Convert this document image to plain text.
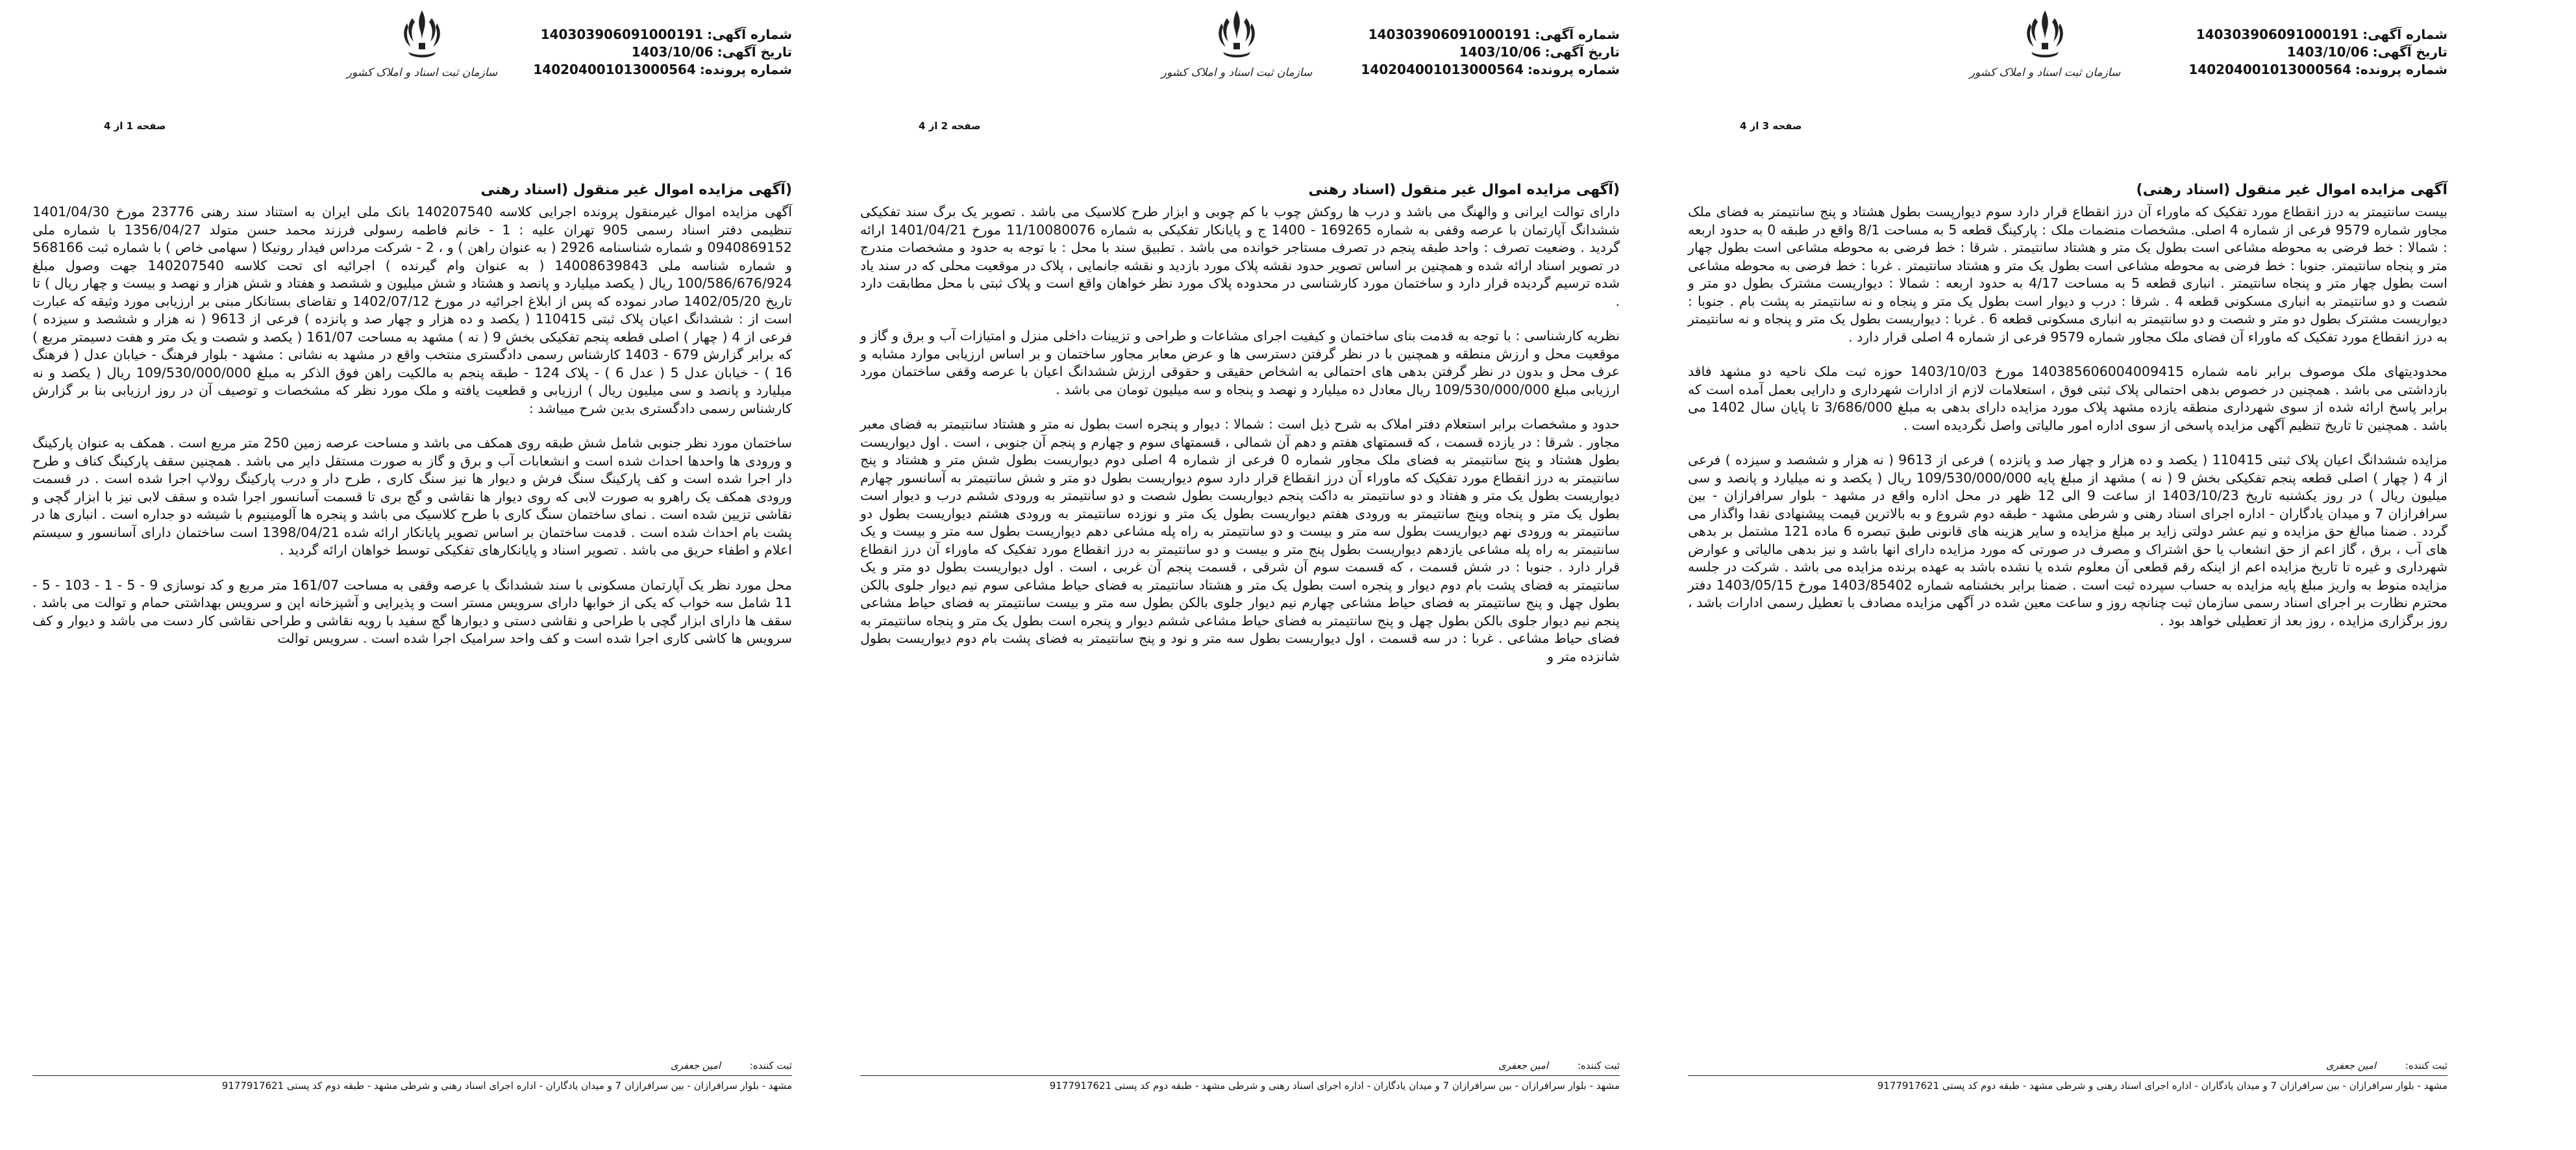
سازمان ثبت اسناد و املاک کشور
صفحه 3 از 4
شماره آگهی:140303906091000191
تاریخ آگهی:1403/10/06
شماره پرونده:140204001013000564
آگهی مزایده اموال غیر منقول (اسناد رهنی)

بیست سانتیمتر به درز انقطاع مورد تفکیک که ماوراء آن درز انقطاع قرار دارد سوم دیوارپست بطول هشتاد و پنج سانتیمتر به فضای ملک مجاور شماره 9579 فرعی از شماره 4 اصلی. مشخصات منضمات ملک : پارکینگ قطعه 5 به مساحت 8/1 واقع در طبقه 0 به حدود اربعه : شمالا : خط فرضی به محوطه مشاعی است بطول یک متر و هشتاد سانتیمتر . شرقا : خط فرضی به محوطه مشاعی است بطول چهار متر و پنجاه سانتیمتر. جنوبا : خط فرضی به محوطه مشاعی است بطول یک متر و هشتاد سانتیمتر . غربا : خط فرضی به محوطه مشاعی است بطول چهار متر و پنجاه سانتیمتر . انباری قطعه 5 به مساحت 4/17 به حدود اربعه : شمالا : دیواریست مشترک بطول دو متر و شصت و دو سانتیمتر به انباری مسکونی قطعه 4 . شرقا : درب و دیوار است بطول یک متر و پنجاه و نه سانتیمتر به پشت بام . جنوبا : دیواریست مشترک بطول دو متر و شصت و دو سانتیمتر به انباری مسکونی قطعه 6 . غربا : دیواریست بطول یک متر و پنجاه و نه سانتیمتر به درز انقطاع مورد تفکیک که ماوراء آن فضای ملک مجاور شماره 9579 فرعی از شماره 4 اصلی قرار دارد .

محدودیتهای ملک موصوف برابر نامه شماره 140385606004009415 مورخ 1403/10/03 حوزه ثبت ملک ناحیه دو مشهد فاقد بازداشتی می باشد . همچنین در خصوص بدهی احتمالی پلاک ثبتی فوق ، استعلامات لازم از ادارات شهرداری و دارایی بعمل آمده است که برابر پاسخ ارائه شده از سوی شهرداری منطقه یازده مشهد پلاک مورد مزایده دارای بدهی به مبلغ 3/686/000 تا پایان سال 1402 می باشد . همچنین تا تاریخ تنظیم آگهی مزایده پاسخی از سوی اداره امور مالیاتی واصل نگردیده است .

مزایده ششدانگ اعیان پلاک ثبتی 110415 ( یکصد و ده هزار و چهار صد و پانزده ) فرعی از 9613 ( نه هزار و ششصد و سیزده ) فرعی از 4 ( چهار ) اصلی قطعه پنجم تفکیکی بخش 9 ( نه ) مشهد از مبلغ پایه 109/530/000/000 ریال ( یکصد و نه میلیارد و پانصد و سی میلیون ریال ) در روز یکشنبه تاریخ 1403/10/23 از ساعت 9 الی 12 ظهر در محل اداره واقع در مشهد - بلوار سرافرازان - بین سرافرازان 7 و میدان یادگاران - اداره اجرای اسناد رهنی و شرطی مشهد - طبقه دوم شروع و به بالاترین قیمت پیشنهادی نقدا واگذار می گردد . ضمنا مبالغ حق مزایده و نیم عشر دولتی زاید بر مبلغ مزایده و سایر هزینه های قانونی طبق تبصره 6 ماده 121 مشتمل بر بدهی های آب ، برق ، گاز اعم از حق انشعاب یا حق اشتراک و مصرف در صورتی که مورد مزایده دارای انها باشد و نیز بدهی مالیاتی و عوارض شهرداری و غیره تا تاریخ مزایده اعم از اینکه رقم قطعی آن معلوم شده یا نشده باشد به عهده برنده مزایده می باشد . شرکت در جلسه مزایده منوط به واریز مبلغ پایه مزایده به حساب سپرده ثبت است . ضمنا برابر بخشنامه شماره 1403/85402 مورخ 1403/05/15 دفتر محترم نظارت بر اجرای اسناد رسمی سازمان ثبت چنانچه روز و ساعت معین شده در آگهی مزایده مصادف با تعطیل رسمی ادارات باشد ، روز برگزاری مزایده ، روز بعد از تعطیلی خواهد بود .

ثبت کننده: امین جعفری
مشهد - بلوار سرافرازان - بین سرافرازان 7 و میدان یادگاران - اداره اجرای اسناد رهنی و شرطی مشهد - طبقه دوم کد پستی 9177917621
سازمان ثبت اسناد و املاک کشور
صفحه 2 از 4
شماره آگهی:140303906091000191
تاریخ آگهی:1403/10/06
شماره پرونده:140204001013000564
(آگهی مزایده اموال غیر منقول (اسناد رهنی

دارای توالت ایرانی و والهنگ می باشد و درب ها روکش چوب با کم چوبی و ابزار طرح کلاسیک می باشد . تصویر یک برگ سند تفکیکی ششدانگ آپارتمان با عرصه وقفی به شماره 169265 - 1400 ج و پایانکار تفکیکی به شماره 11/10080076 مورخ 1401/04/21 ارائه گردید . وضعیت تصرف : واحد طبقه پنجم در تصرف مستاجر خوانده می باشد . تطبیق سند با محل : با توجه به حدود و مشخصات مندرج در تصویر اسناد ارائه شده و همچنین بر اساس تصویر حدود نقشه پلاک مورد بازدید و نقشه جانمایی ، پلاک در موقعیت محلی که در سند یاد شده ترسیم گردیده قرار دارد و ساختمان مورد کارشناسی در محدوده پلاک مورد نظر خواهان واقع است و پلاک ثبتی با محل مطابقت دارد .

نظریه کارشناسی : با توجه به قدمت بنای ساختمان و کیفیت اجرای مشاعات و طراحی و تزیینات داخلی منزل و امتیازات آب و برق و گاز و موقعیت محل و ارزش منطقه و همچنین با در نظر گرفتن دسترسی ها و عرض معابر مجاور ساختمان و بر اساس ارزیابی موارد مشابه و عرف محل و بدون در نظر گرفتن بدهی های احتمالی به اشخاص حقیقی و حقوقی ارزش ششدانگ اعیان با عرصه وقفی ساختمان مورد ارزیابی مبلغ 109/530/000/000 ریال معادل ده میلیارد و نهصد و پنجاه و سه میلیون تومان می باشد .

حدود و مشخصات برابر استعلام دفتر املاک به شرح ذیل است : شمالا : دیوار و پنجره است بطول نه متر و هشتاد سانتیمتر به فضای معبر مجاور . شرقا : در یازده قسمت ، که قسمتهای هفتم و دهم آن شمالی ، قسمتهای سوم و چهارم و پنجم آن جنوبی ، است . اول دیواریست بطول هشتاد و پنج سانتیمتر به فضای ملک مجاور شماره 0 فرعی از شماره 4 اصلی دوم دیواریست بطول شش متر و هشتاد و پنج سانتیمتر به درز انقطاع مورد تفکیک که ماوراء آن درز انقطاع قرار دارد سوم دیواریست بطول دو متر و شش سانتیمتر به آسانسور چهارم دیواریست بطول یک متر و هفتاد و دو سانتیمتر به داکت پنجم دیواریست بطول شصت و دو سانتیمتر به ورودی ششم درب و دیوار است بطول یک متر و پنجاه وپنج سانتیمتر به ورودی هفتم دیواریست بطول یک متر و نوزده سانتیمتر به ورودی هشتم دیواریست بطول دو سانتیمتر به ورودی نهم دیواریست بطول سه متر و بیست و دو سانتیمتر به راه پله مشاعی دهم دیواریست بطول سه متر و بیست و یک سانتیمتر به راه پله مشاعی یازدهم دیواریست بطول پنج متر و بیست و دو سانتیمتر به درز انقطاع مورد تفکیک که ماوراء آن درز انقطاع قرار دارد . جنوبا : در شش قسمت ، که قسمت سوم آن شرقی ، قسمت پنجم آن غربی ، است . اول دیواریست بطول دو متر و یک سانتیمتر به فضای پشت بام دوم دیوار و پنجره است بطول یک متر و هشتاد سانتیمتر به فضای حیاط مشاعی سوم نیم دیوار جلوی بالکن بطول چهل و پنج سانتیمتر به فضای حیاط مشاعی چهارم نیم دیوار جلوی بالکن بطول سه متر و بیست سانتیمتر به فضای حیاط مشاعی پنجم نیم دیوار جلوی بالکن بطول چهل و پنج سانتیمتر به فضای حیاط مشاعی ششم دیوار و پنجره است بطول یک متر و پنجاه سانتیمتر به فضای حیاط مشاعی . غربا : در سه قسمت ، اول دیواریست بطول سه متر و نود و پنج سانتیمتر به فضای پشت بام دوم دیواریست بطول شانزده متر و

ثبت کننده: امین جعفری
مشهد - بلوار سرافرازان - بین سرافرازان 7 و میدان یادگاران - اداره اجرای اسناد رهنی و شرطی مشهد - طبقه دوم کد پستی 9177917621
سازمان ثبت اسناد و املاک کشور
صفحه 1 از 4
شماره آگهی:140303906091000191
تاریخ آگهی:1403/10/06
شماره پرونده:140204001013000564
(آگهی مزایده اموال غیر منقول (اسناد رهنی

آگهی مزایده اموال غیرمنقول پرونده اجرایی کلاسه 140207540 بانک ملی ایران به استناد سند رهنی 23776 مورخ 1401/04/30 تنظیمی دفتر اسناد رسمی 905 تهران علیه : 1 - خانم فاطمه رسولی فرزند محمد حسن متولد 1356/04/27 با شماره ملی 0940869152 و شماره شناسنامه 2926 ( به عنوان راهن ) و ، 2 - شرکت مرداس فیدار رونیکا ( سهامی خاص ) با شماره ثبت 568166 و شماره شناسه ملی 14008639843 ( به عنوان وام گیرنده ) اجرائیه ای تحت کلاسه 140207540 جهت وصول مبلغ 100/586/676/924 ریال ( یکصد میلیارد و پانصد و هشتاد و شش میلیون و ششصد و هفتاد و شش هزار و نهصد و بیست و چهار ریال ) تا تاریخ 1402/05/20 صادر نموده که پس از ابلاغ اجرائیه در مورخ 1402/07/12 و تقاضای بستانکار مبنی بر ارزیابی مورد وثیقه که عبارت است از : ششدانگ اعیان پلاک ثبتی 110415 ( یکصد و ده هزار و چهار صد و پانزده ) فرعی از 9613 ( نه هزار و ششصد و سیزده ) فرعی از 4 ( چهار ) اصلی قطعه پنجم تفکیکی بخش 9 ( نه ) مشهد به مساحت 161/07 ( یکصد و شصت و یک متر و هفت دسیمتر مربع ) که برابر گزارش 679 - 1403 کارشناس رسمی دادگستری منتخب واقع در مشهد به نشانی : مشهد - بلوار فرهنگ - خیابان عدل ( فرهنگ 16 ) - خیابان عدل 5 ( عدل 6 ) - پلاک 124 - طبقه پنجم به مالکیت راهن فوق الذکر به مبلغ 109/530/000/000 ریال ( یکصد و نه میلیارد و پانصد و سی میلیون ریال ) ارزیابی و قطعیت یافته و ملک مورد نظر که مشخصات و توصیف آن در روز ارزیابی بنا بر گزارش کارشناس رسمی دادگستری بدین شرح میباشد :

ساختمان مورد نظر جنوبی شامل شش طبقه روی همکف می باشد و مساحت عرصه زمین 250 متر مربع است . همکف به عنوان پارکینگ و ورودی ها واحدها احداث شده است و انشعابات آب و برق و گاز به صورت مستقل دایر می باشد . همچنین سقف پارکینگ کناف و طرح دار اجرا شده است و کف پارکینگ سنگ فرش و دیوار ها نیز سنگ کاری ، طرح دار و درب پارکینگ رولاپ اجرا شده است . در قسمت ورودی همکف یک راهرو به صورت لابی که روی دیوار ها نقاشی و گچ بری تا قسمت آسانسور اجرا شده و سقف لابی نیز با ابزار گچی و نقاشی تزیین شده است . نمای ساختمان سنگ کاری با طرح کلاسیک می باشد و پنجره ها آلومینیوم با شیشه دو جداره است . انباری ها در پشت بام احداث شده است . قدمت ساختمان بر اساس تصویر پایانکار ارائه شده 1398/04/21 است ساختمان دارای آسانسور و سیستم اعلام و اطفاء حریق می باشد . تصویر اسناد و پایانکارهای تفکیکی توسط خواهان ارائه گردید .

محل مورد نظر یک آپارتمان مسکونی با سند ششدانگ با عرصه وقفی به مساحت 161/07 متر مربع و کد نوسازی 9 - 5 - 1 - 103 - 5 - 11 شامل سه خواب که یکی از خوابها دارای سرویس مستر است و پذیرایی و آشپزخانه اپن و سرویس بهداشتی حمام و توالت می باشد . سقف ها دارای ابزار گچی با طراحی و نقاشی دستی و دیوارها گچ سفید با رویه نقاشی و طراحی نقاشی کار دست می باشد و دیوار و کف سرویس ها کاشی کاری اجرا شده است و کف واحد سرامیک اجرا شده است . سرویس توالت

ثبت کننده: امین جعفری
مشهد - بلوار سرافرازان - بین سرافرازان 7 و میدان یادگاران - اداره اجرای اسناد رهنی و شرطی مشهد - طبقه دوم کد پستی 9177917621
